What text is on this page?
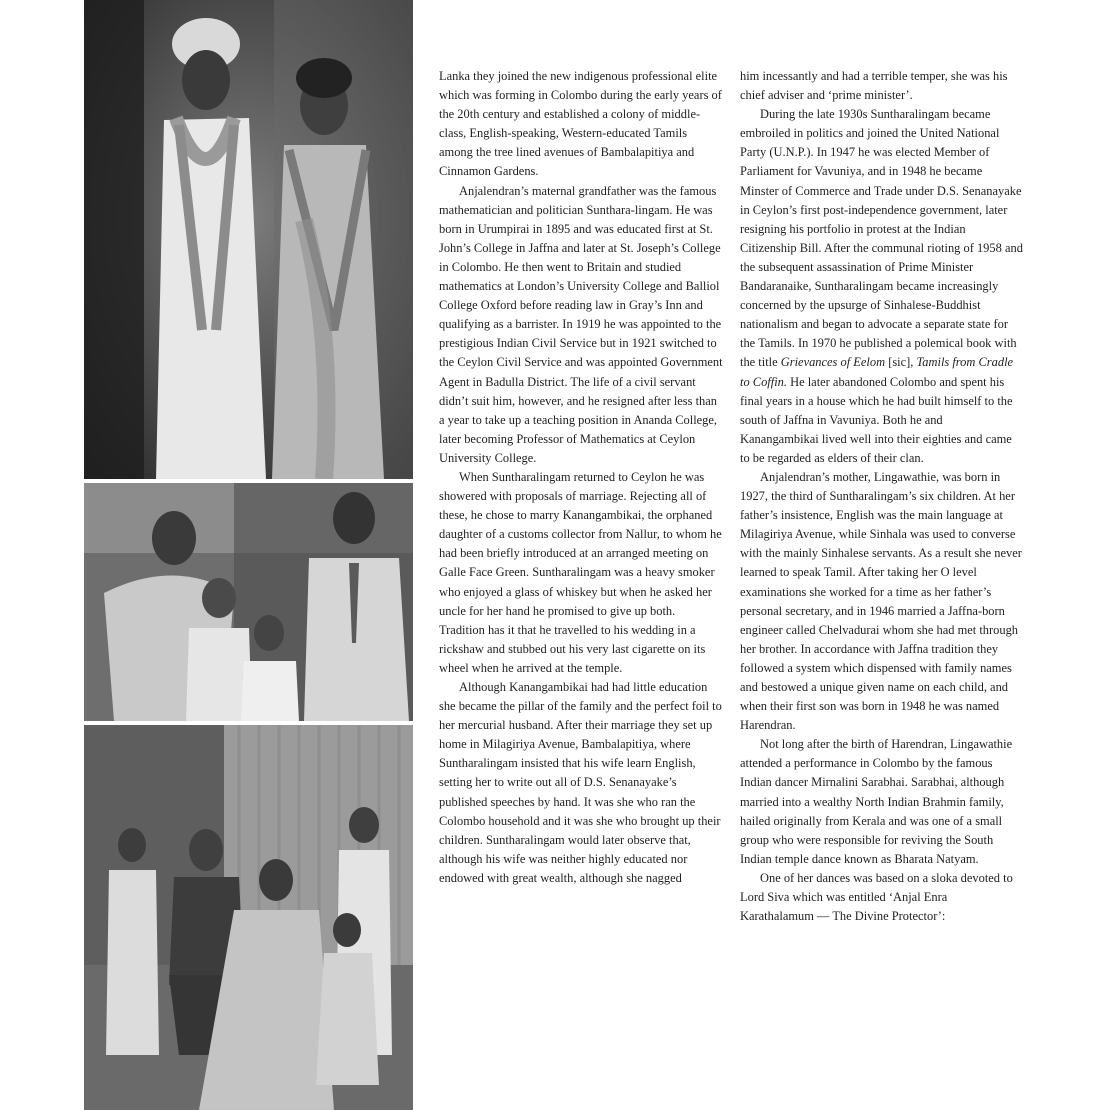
Lanka they joined the new indigenous professional elite which was forming in Colombo during the early years of the 20th century and established a colony of middle-class, English-speaking, Western-educated Tamils among the tree lined avenues of Bambalapitiya and Cinnamon Gardens.

Anjalendran’s maternal grandfather was the famous mathematician and politician Sunthara-lingam. He was born in Urumpirai in 1895 and was educated first at St. John’s College in Jaffna and later at St. Joseph’s College in Colombo. He then went to Britain and studied mathematics at London’s University College and Balliol College Oxford before reading law in Gray’s Inn and qualifying as a barrister. In 1919 he was appointed to the prestigious Indian Civil Service but in 1921 switched to the Ceylon Civil Service and was appointed Government Agent in Badulla District. The life of a civil servant didn’t suit him, however, and he resigned after less than a year to take up a teaching position in Ananda College, later becoming Professor of Mathematics at Ceylon University College.

When Suntharalingam returned to Ceylon he was showered with proposals of marriage. Rejecting all of these, he chose to marry Kanangambikai, the orphaned daughter of a customs collector from Nallur, to whom he had been briefly introduced at an arranged meeting on Galle Face Green. Suntharalingam was a heavy smoker who enjoyed a glass of whiskey but when he asked her uncle for her hand he promised to give up both. Tradition has it that he travelled to his wedding in a rickshaw and stubbed out his very last cigarette on its wheel when he arrived at the temple.

Although Kanangambikai had had little education she became the pillar of the family and the perfect foil to her mercurial husband. After their marriage they set up home in Milagiriya Avenue, Bambalapitiya, where Suntharalingam insisted that his wife learn English, setting her to write out all of D.S. Senanayake’s published speeches by hand. It was she who ran the Colombo household and it was she who brought up their children. Suntharalingam would later observe that, although his wife was neither highly educated nor endowed with great wealth, although she nagged

him incessantly and had a terrible temper, she was his chief adviser and ‘prime minister’.

During the late 1930s Suntharalingam became embroiled in politics and joined the United National Party (U.N.P.). In 1947 he was elected Member of Parliament for Vavuniya, and in 1948 he became Minster of Commerce and Trade under D.S. Senanayake in Ceylon’s first post-independence government, later resigning his portfolio in protest at the Indian Citizenship Bill. After the communal rioting of 1958 and the subsequent assassination of Prime Minister Bandaranaike, Suntharalingam became increasingly concerned by the upsurge of Sinhalese-Buddhist nationalism and began to advocate a separate state for the Tamils. In 1970 he published a polemical book with the title Grievances of Eelom [sic], Tamils from Cradle to Coffin. He later abandoned Colombo and spent his final years in a house which he had built himself to the south of Jaffna in Vavuniya. Both he and Kanangambikai lived well into their eighties and came to be regarded as elders of their clan.

Anjalendran’s mother, Lingawathie, was born in 1927, the third of Suntharalingam’s six children. At her father’s insistence, English was the main language at Milagiriya Avenue, while Sinhala was used to converse with the mainly Sinhalese servants. As a result she never learned to speak Tamil. After taking her O level examinations she worked for a time as her father’s personal secretary, and in 1946 married a Jaffna-born engineer called Chelvadurai whom she had met through her brother. In accordance with Jaffna tradition they followed a system which dispensed with family names and bestowed a unique given name on each child, and when their first son was born in 1948 he was named Harendran.

Not long after the birth of Harendran, Lingawathie attended a performance in Colombo by the famous Indian dancer Mirnalini Sarabhai. Sarabhai, although married into a wealthy North Indian Brahmin family, hailed originally from Kerala and was one of a small group who were responsible for reviving the South Indian temple dance known as Bharata Natyam.

One of her dances was based on a sloka devoted to Lord Siva which was entitled ‘Anjal Enra Karathalamum — The Divine Protector’:
